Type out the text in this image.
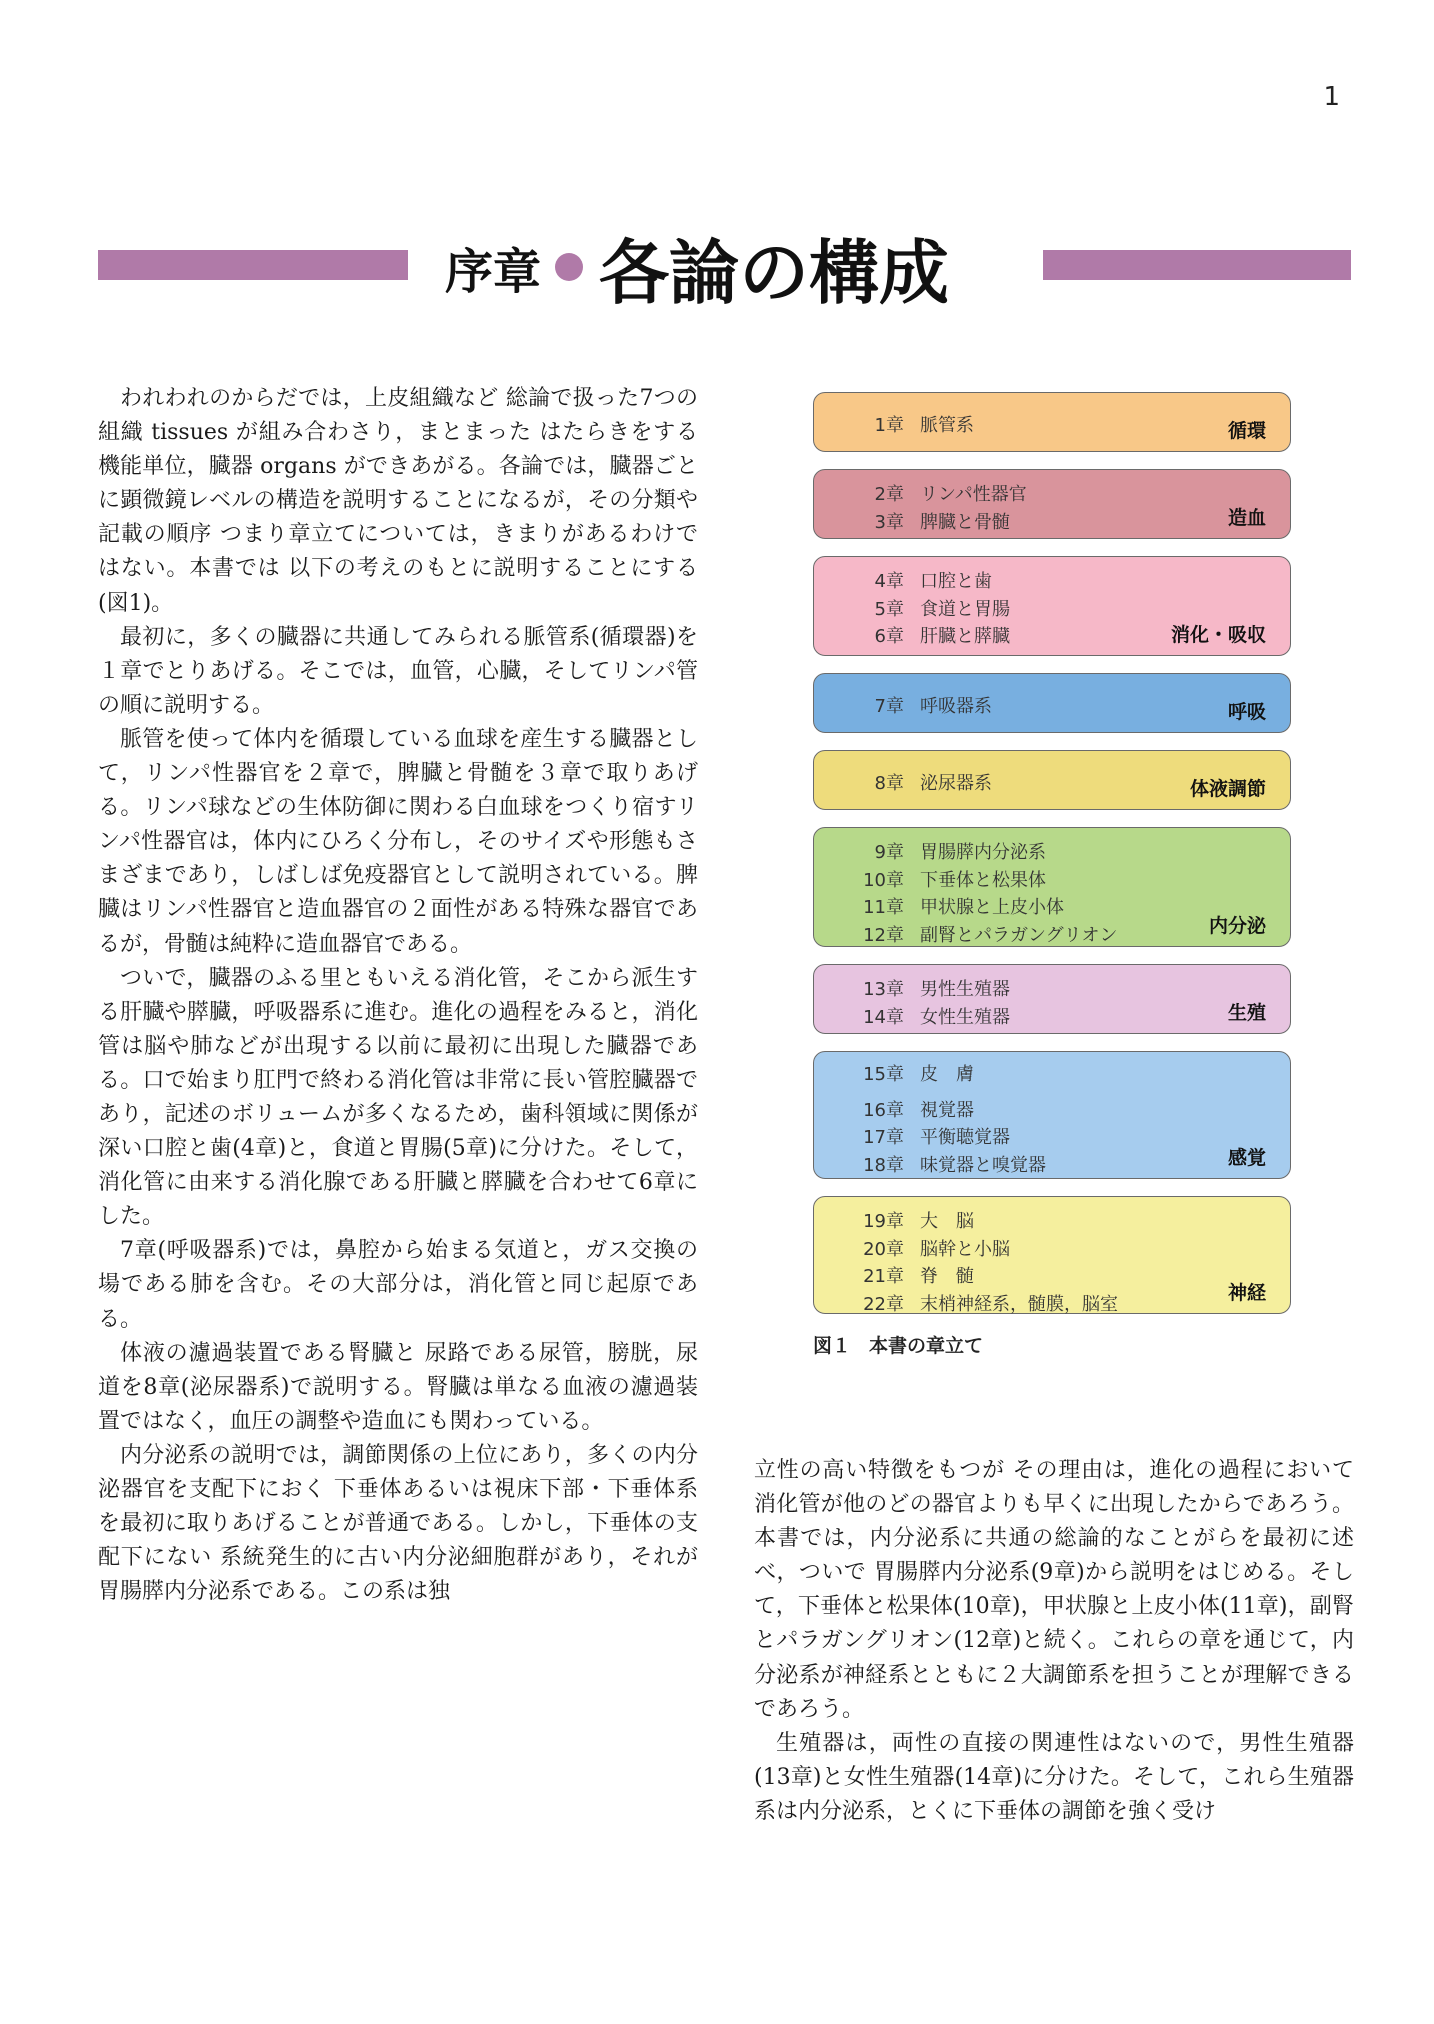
1
序章 各論の構成

われわれのからだでは，上皮組織など 総論で扱った7つの組織 tissues が組み合わさり，まとまった はたらきをする機能単位，臓器 organs ができあがる。各論では，臓器ごとに顕微鏡レベルの構造を説明することになるが，その分類や記載の順序 つまり章立てについては，きまりがあるわけではない。本書では 以下の考えのもとに説明することにする(図1)。

最初に，多くの臓器に共通してみられる脈管系(循環器)を１章でとりあげる。そこでは，血管，心臓，そしてリンパ管の順に説明する。

脈管を使って体内を循環している血球を産生する臓器として，リンパ性器官を２章で，脾臓と骨髄を３章で取りあげる。リンパ球などの生体防御に関わる白血球をつくり宿すリンパ性器官は，体内にひろく分布し，そのサイズや形態もさまざまであり，しばしば免疫器官として説明されている。脾臓はリンパ性器官と造血器官の２面性がある特殊な器官であるが，骨髄は純粋に造血器官である。

ついで，臓器のふる里ともいえる消化管，そこから派生する肝臓や膵臓，呼吸器系に進む。進化の過程をみると，消化管は脳や肺などが出現する以前に最初に出現した臓器である。口で始まり肛門で終わる消化管は非常に長い管腔臓器であり，記述のボリュームが多くなるため，歯科領域に関係が深い口腔と歯(4章)と，食道と胃腸(5章)に分けた。そして，消化管に由来する消化腺である肝臓と膵臓を合わせて6章にした。

7章(呼吸器系)では，鼻腔から始まる気道と，ガス交換の場である肺を含む。その大部分は，消化管と同じ起原である。

体液の濾過装置である腎臓と 尿路である尿管，膀胱，尿道を8章(泌尿器系)で説明する。腎臓は単なる血液の濾過装置ではなく，血圧の調整や造血にも関わっている。

内分泌系の説明では，調節関係の上位にあり，多くの内分泌器官を支配下におく 下垂体あるいは視床下部・下垂体系を最初に取りあげることが普通である。しかし，下垂体の支配下にない 系統発生的に古い内分泌細胞群があり，それが胃腸膵内分泌系である。この系は独

1章 脈管系	循環
2章 リンパ性器官
3章 脾臓と骨髄	造血
4章 口腔と歯
5章 食道と胃腸
6章 肝臓と膵臓	消化・吸収
7章 呼吸器系	呼吸
8章 泌尿器系	体液調節
9章 胃腸膵内分泌系
10章 下垂体と松果体
11章 甲状腺と上皮小体
12章 副腎とパラガングリオン	内分泌
13章 男性生殖器
14章 女性生殖器	生殖
15章 皮　膚
16章 視覚器
17章 平衡聴覚器
18章 味覚器と嗅覚器	感覚
19章 大　脳
20章 脳幹と小脳
21章 脊　髄
22章 末梢神経系，髄膜，脳室	神経
図１ 本書の章立て

立性の高い特徴をもつが その理由は，進化の過程において 消化管が他のどの器官よりも早くに出現したからであろう。本書では，内分泌系に共通の総論的なことがらを最初に述べ，ついで 胃腸膵内分泌系(9章)から説明をはじめる。そして，下垂体と松果体(10章)，甲状腺と上皮小体(11章)，副腎とパラガングリオン(12章)と続く。これらの章を通じて，内分泌系が神経系とともに２大調節系を担うことが理解できるであろう。

生殖器は，両性の直接の関連性はないので，男性生殖器(13章)と女性生殖器(14章)に分けた。そして，これら生殖器系は内分泌系，とくに下垂体の調節を強く受け
